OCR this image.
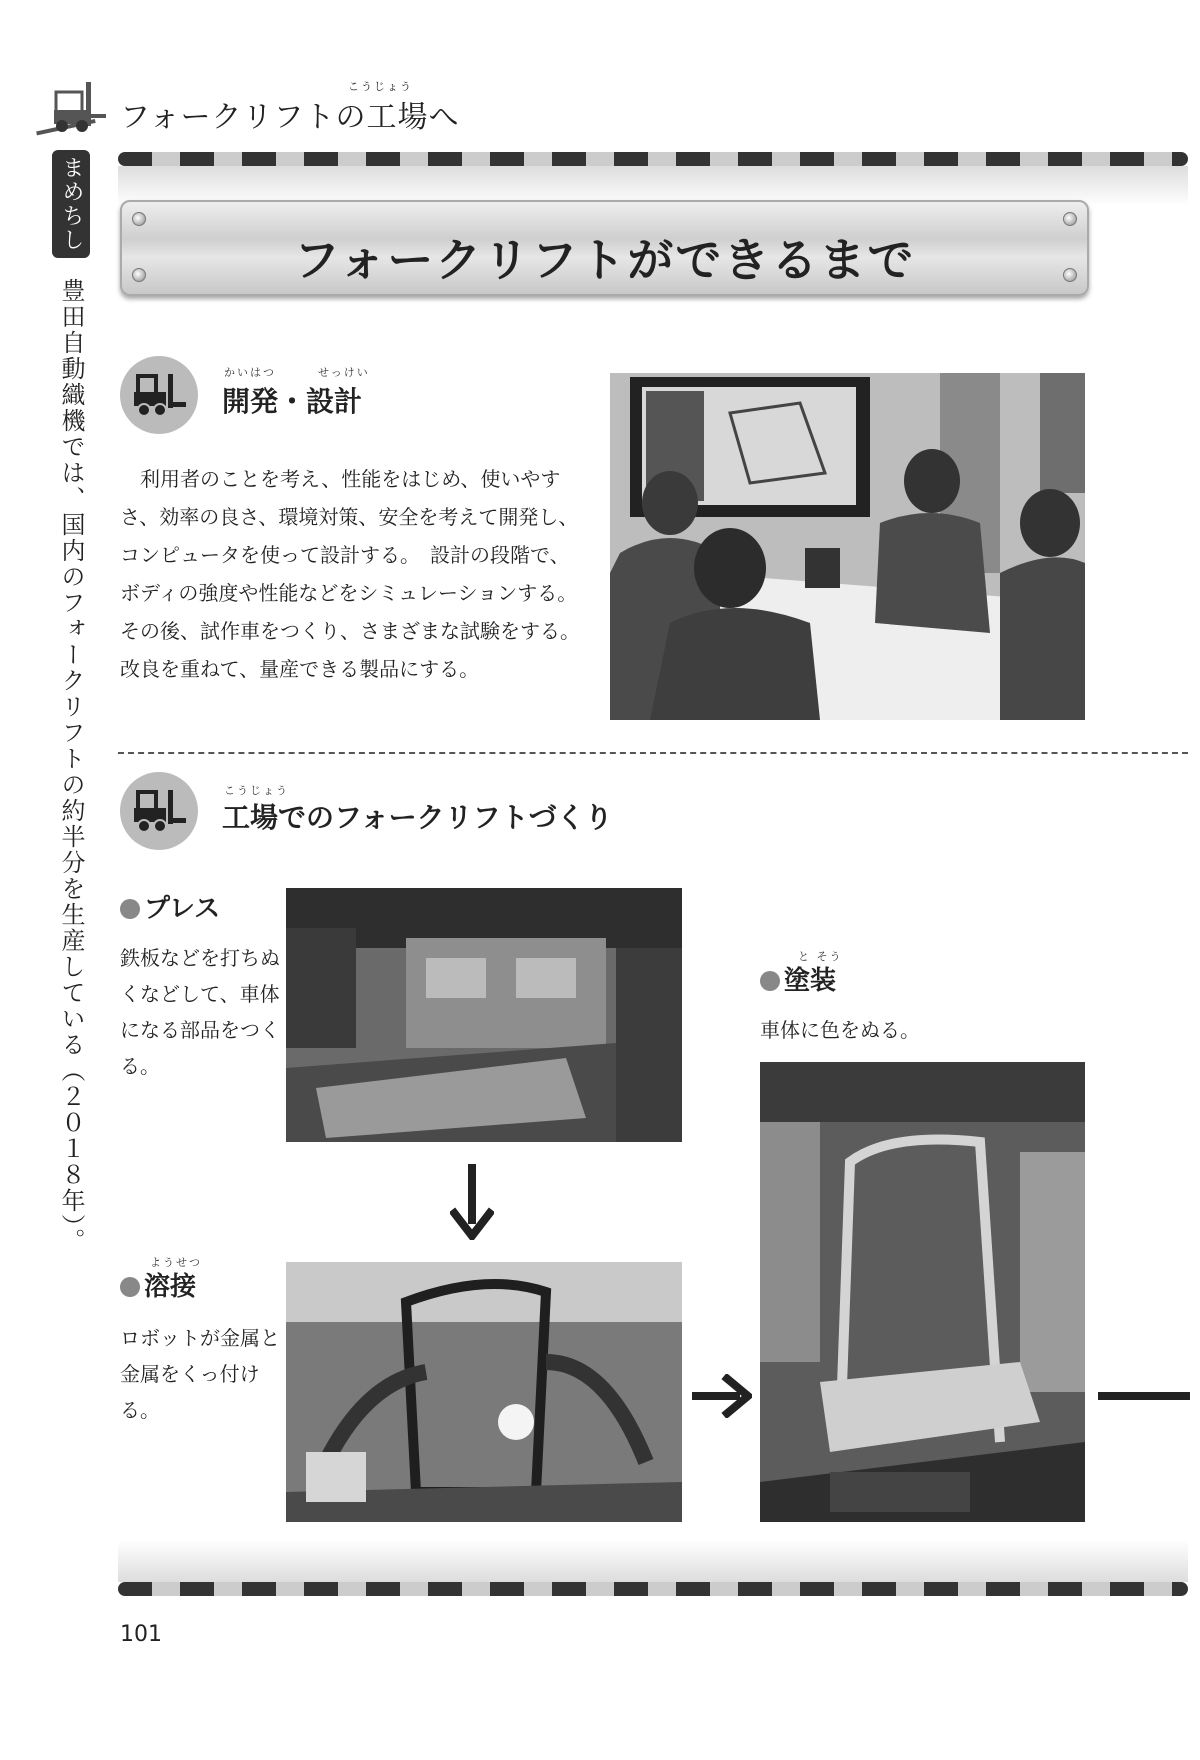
フォークリフトの工場へ
こうじょう
まめちしき
豊田自動織機では、国内のフォークリフトの約半分を生産している（２０１８年）。
フォークリフトができるまで
かいはつ	せっけい
開発・設計
　利用者のことを考え、性能をはじめ、使いやすさ、効率の良さ、環境対策、安全を考えて開発し、コンピュータを使って設計する。　設計の段階で、ボディの強度や性能などをシミュレーションする。その後、試作車をつくり、さまざまな試験をする。改良を重ねて、量産できる製品にする。
こうじょう
工場でのフォークリフトづくり
プレス
鉄板などを打ちぬくなどして、車体になる部品をつくる。
ようせつ
溶接
ロボットが金属と金属をくっ付ける。
と そう
塗装
車体に色をぬる。
101
